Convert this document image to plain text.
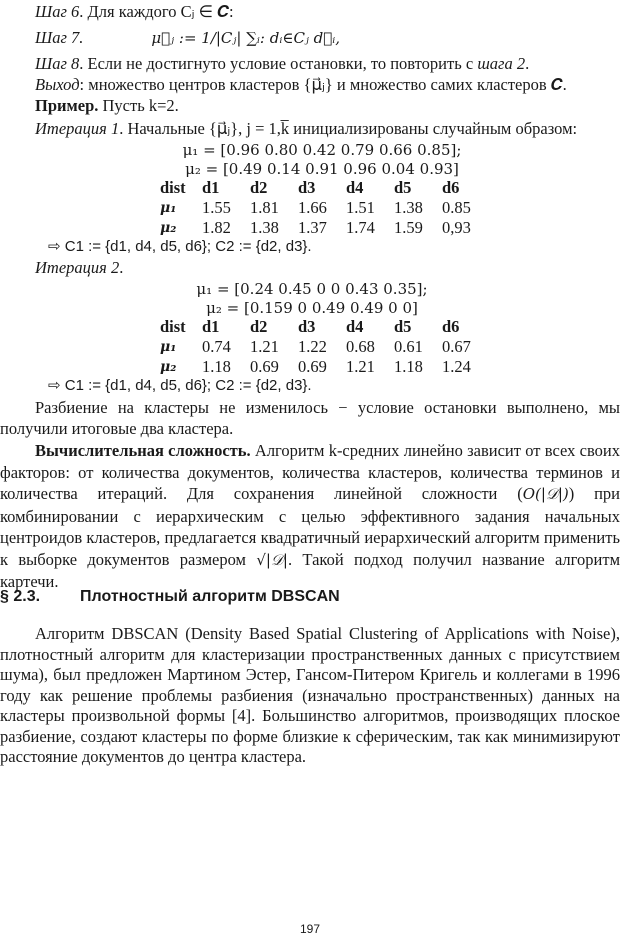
Шаг 6. Для каждого Cⱼ ∈ 𝑪:
Шаг 7.	μ⃗ⱼ := 1/|Cⱼ| ∑ᵢ: dᵢ∈Cⱼ d⃗ᵢ,
Шаг 8. Если не достигнуто условие остановки, то повторить с шага 2.
Выход: множество центров кластеров {μ⃗ⱼ} и множество самих кластеров 𝑪.
Пример. Пусть k=2.
Итерация 1. Начальные {μ⃗ⱼ}, j = 1,k̅ инициализированы случайным образом:
μ₁ = [0.96 0.80 0.42 0.79 0.66 0.85];
μ₂ = [0.49 0.14 0.91 0.96 0.04 0.93]
dist	d1	d2	d3	d4	d5	d6
μ₁	1.55	1.81	1.66	1.51	1.38	0.85
μ₂	1.82	1.38	1.37	1.74	1.59	0,93
⇨ C1 := {d1, d4, d5, d6}; C2 := {d2, d3}.
Итерация 2.
μ₁ = [0.24 0.45 0 0 0.43 0.35];
μ₂ = [0.159 0 0.49 0.49 0 0]
dist	d1	d2	d3	d4	d5	d6
μ₁	0.74	1.21	1.22	0.68	0.61	0.67
μ₂	1.18	0.69	0.69	1.21	1.18	1.24
⇨ C1 := {d1, d4, d5, d6}; C2 := {d2, d3}.
Разбиение на кластеры не изменилось − условие остановки выполнено, мы получили итоговые два кластера.
Вычислительная сложность. Алгоритм k-средних линейно зависит от всех своих факторов: от количества документов, количества кластеров, количества терминов и количества итераций. Для сохранения линейной сложности (O(|𝒟|)) при комбинировании с иерархическим с целью эффективного задания начальных центроидов кластеров, предлагается квадратичный иерархический алгоритм применить к выборке документов размером √|𝒟|. Такой подход получил название алгоритм картечи.
§ 2.3. Плотностный алгоритм DBSCAN
Алгоритм DBSCAN (Density Based Spatial Clustering of Applications with Noise), плотностный алгоритм для кластеризации пространственных данных с присутствием шума), был предложен Мартином Эстер, Гансом-Питером Кригель и коллегами в 1996 году как решение проблемы разбиения (изначально пространственных) данных на кластеры произвольной формы [4]. Большинство алгоритмов, производящих плоское разбиение, создают кластеры по форме близкие к сферическим, так как минимизируют расстояние документов до центра кластера.
197
